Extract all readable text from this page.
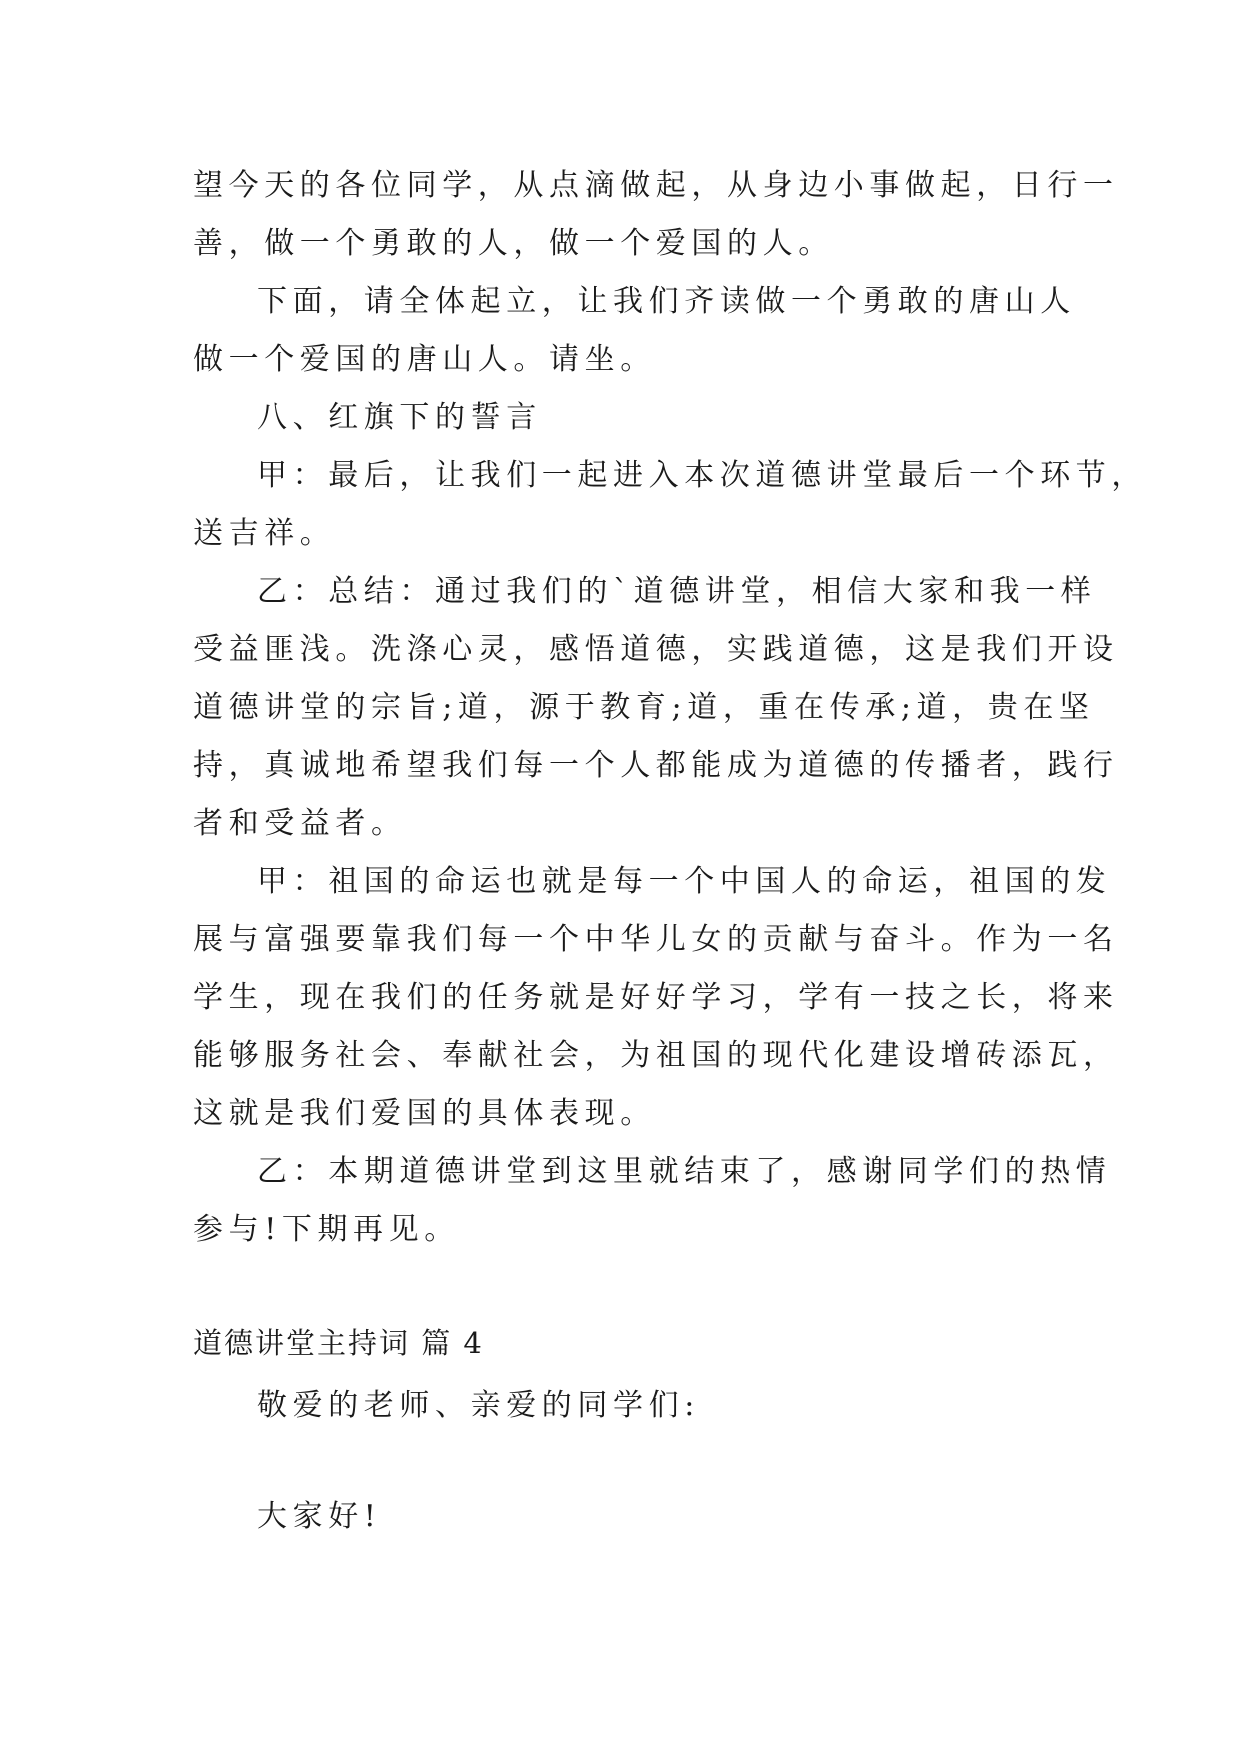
望今天的各位同学，从点滴做起，从身边小事做起，日行一
善，做一个勇敢的人，做一个爱国的人。
下面，请全体起立，让我们齐读做一个勇敢的唐山人
做一个爱国的唐山人。请坐。
八、红旗下的誓言
甲：最后，让我们一起进入本次道德讲堂最后一个环节，
送吉祥。
乙：总结：通过我们的`道德讲堂，相信大家和我一样
受益匪浅。洗涤心灵，感悟道德，实践道德，这是我们开设
道德讲堂的宗旨;道，源于教育;道，重在传承;道，贵在坚
持，真诚地希望我们每一个人都能成为道德的传播者，践行
者和受益者。
甲：祖国的命运也就是每一个中国人的命运，祖国的发
展与富强要靠我们每一个中华儿女的贡献与奋斗。作为一名
学生，现在我们的任务就是好好学习，学有一技之长，将来
能够服务社会、奉献社会，为祖国的现代化建设增砖添瓦，
这就是我们爱国的具体表现。
乙：本期道德讲堂到这里就结束了，感谢同学们的热情
参与!下期再见。
道德讲堂主持词 篇 4
敬爱的老师、亲爱的同学们:
大家好!
